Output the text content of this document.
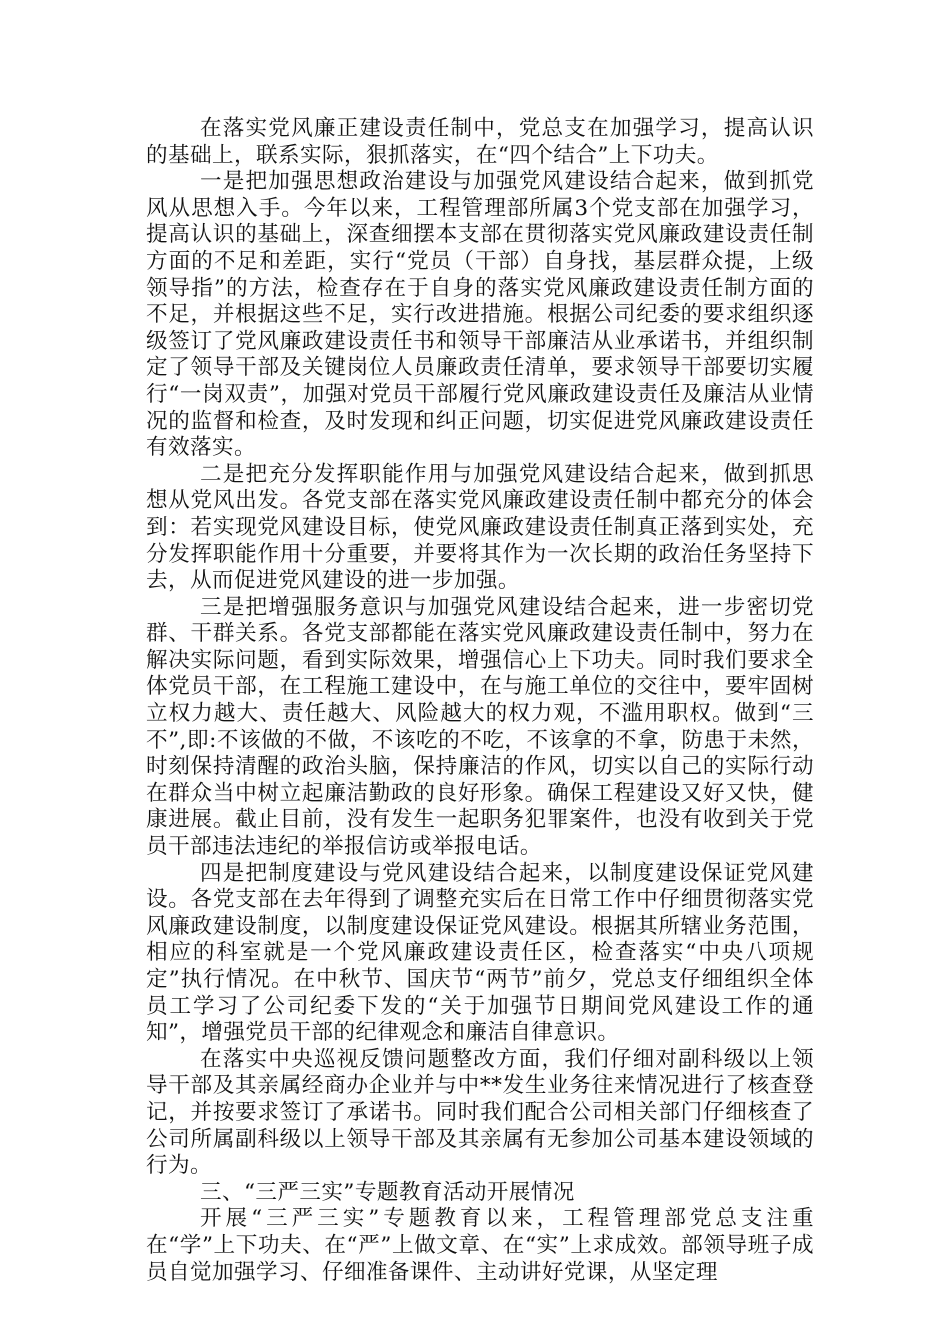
在落实党风廉正建设责任制中，党总支在加强学习，提高认识的基础上，联系实际，狠抓落实，在“四个结合”上下功夫。

一是把加强思想政治建设与加强党风建设结合起来，做到抓党风从思想入手。今年以来，工程管理部所属3个党支部在加强学习，提高认识的基础上，深查细摆本支部在贯彻落实党风廉政建设责任制方面的不足和差距，实行“党员（干部）自身找，基层群众提，上级领导指”的方法，检查存在于自身的落实党风廉政建设责任制方面的不足，并根据这些不足，实行改进措施。根据公司纪委的要求组织逐级签订了党风廉政建设责任书和领导干部廉洁从业承诺书，并组织制定了领导干部及关键岗位人员廉政责任清单，要求领导干部要切实履行“一岗双责”，加强对党员干部履行党风廉政建设责任及廉洁从业情况的监督和检查，及时发现和纠正问题，切实促进党风廉政建设责任有效落实。

二是把充分发挥职能作用与加强党风建设结合起来，做到抓思想从党风出发。各党支部在落实党风廉政建设责任制中都充分的体会到：若实现党风建设目标，使党风廉政建设责任制真正落到实处，充分发挥职能作用十分重要，并要将其作为一次长期的政治任务坚持下去，从而促进党风建设的进一步加强。

三是把增强服务意识与加强党风建设结合起来，进一步密切党群、干群关系。各党支部都能在落实党风廉政建设责任制中，努力在解决实际问题，看到实际效果，增强信心上下功夫。同时我们要求全体党员干部，在工程施工建设中，在与施工单位的交往中，要牢固树立权力越大、责任越大、风险越大的权力观，不滥用职权。做到“三不”,即:不该做的不做，不该吃的不吃，不该拿的不拿，防患于未然，时刻保持清醒的政治头脑，保持廉洁的作风，切实以自己的实际行动在群众当中树立起廉洁勤政的良好形象。确保工程建设又好又快，健康进展。截止目前，没有发生一起职务犯罪案件，也没有收到关于党员干部违法违纪的举报信访或举报电话。

四是把制度建设与党风建设结合起来，以制度建设保证党风建设。各党支部在去年得到了调整充实后在日常工作中仔细贯彻落实党风廉政建设制度，以制度建设保证党风建设。根据其所辖业务范围，相应的科室就是一个党风廉政建设责任区，检查落实“中央八项规定”执行情况。在中秋节、国庆节“两节”前夕，党总支仔细组织全体员工学习了公司纪委下发的“关于加强节日期间党风建设工作的通知”，增强党员干部的纪律观念和廉洁自律意识。

在落实中央巡视反馈问题整改方面，我们仔细对副科级以上领导干部及其亲属经商办企业并与中**发生业务往来情况进行了核查登记，并按要求签订了承诺书。同时我们配合公司相关部门仔细核查了公司所属副科级以上领导干部及其亲属有无参加公司基本建设领域的行为。

三、“三严三实”专题教育活动开展情况

开展“三严三实”专题教育以来，工程管理部党总支注重在“学”上下功夫、在“严”上做文章、在“实”上求成效。部领导班子成员自觉加强学习、仔细准备课件、主动讲好党课，从坚定理
